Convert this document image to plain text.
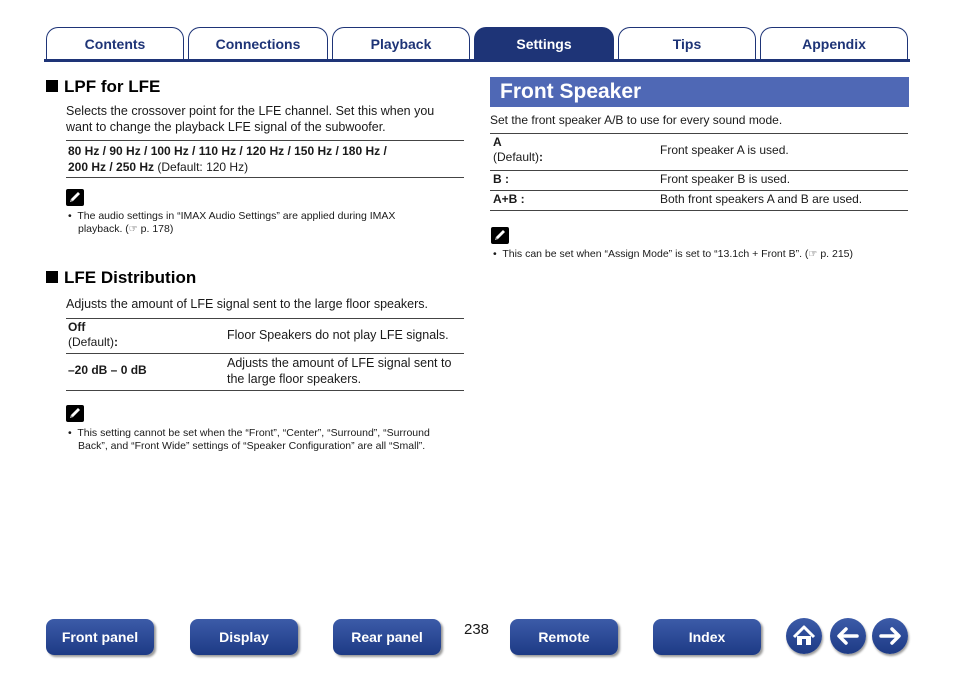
Contents	Connections	Playback	Settings	Tips	Appendix
LPF for LFE
Selects the crossover point for the LFE channel. Set this when you
want to change the playback LFE signal of the subwoofer.
80 Hz / 90 Hz / 100 Hz / 110 Hz / 120 Hz / 150 Hz / 180 Hz /
200 Hz / 250 Hz (Default: 120 Hz)
•  The audio settings in “IMAX Audio Settings” are applied during IMAX
playback. (☞ p. 178)
LFE Distribution
Adjusts the amount of LFE signal sent to the large floor speakers.
Off
(Default):	Floor Speakers do not play LFE signals.
–20 dB – 0 dB	Adjusts the amount of LFE signal sent to
the large floor speakers.
•  This setting cannot be set when the “Front”, “Center”, “Surround”, “Surround
Back”, and “Front Wide” settings of “Speaker Configuration” are all “Small”.
Front Speaker
Set the front speaker A/B to use for every sound mode.
A
(Default):	Front speaker A is used.
B :	Front speaker B is used.
A+B :	Both front speakers A and B are used.
•  This can be set when “Assign Mode” is set to “13.1ch + Front B”. (☞ p. 215)
Front panel	Display	Rear panel	238	Remote	Index
